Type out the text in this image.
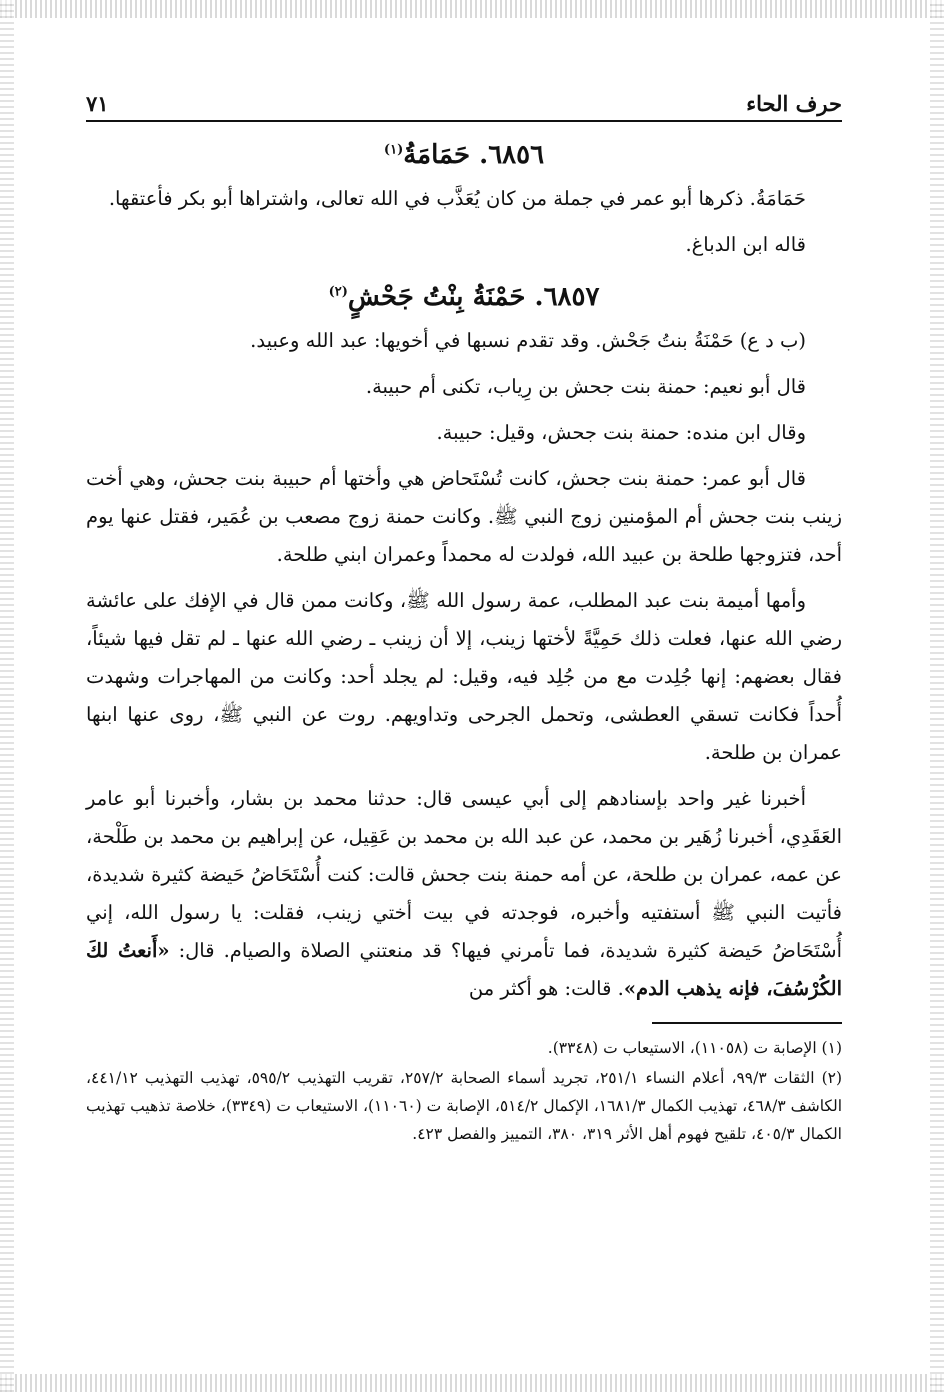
حرف الحاء
٧١
٦٨٥٦. حَمَامَةُ$^{(١)}$

حَمَامَةُ. ذكرها أبو عمر في جملة من كان يُعَذَّب في الله تعالى، واشتراها أبو بكر فأعتقها.

قاله ابن الدباغ.

٦٨٥٧. حَمْنَةُ بِنْتُ جَحْشٍ$^{(٢)}$

(ب د ع) حَمْنَةُ بنتُ جَحْش. وقد تقدم نسبها في أخويها: عبد الله وعبيد.

قال أبو نعيم: حمنة بنت جحش بن رِياب، تكنى أم حبيبة.

وقال ابن منده: حمنة بنت جحش، وقيل: حبيبة.

قال أبو عمر: حمنة بنت جحش، كانت تُسْتَحاض هي وأختها أم حبيبة بنت جحش، وهي أخت زينب بنت جحش أم المؤمنين زوج النبي ﷺ. وكانت حمنة زوج مصعب بن عُمَير، فقتل عنها يوم أحد، فتزوجها طلحة بن عبيد الله، فولدت له محمداً وعمران ابني طلحة.

وأمها أميمة بنت عبد المطلب، عمة رسول الله ﷺ، وكانت ممن قال في الإفك على عائشة رضي الله عنها، فعلت ذلك حَمِيَّةً لأختها زينب، إلا أن زينب ـ رضي الله عنها ـ لم تقل فيها شيئاً، فقال بعضهم: إنها جُلِدت مع من جُلِد فيه، وقيل: لم يجلد أحد: وكانت من المهاجرات وشهدت أُحداً فكانت تسقي العطشى، وتحمل الجرحى وتداويهم. روت عن النبي ﷺ، روى عنها ابنها عمران بن طلحة.

أخبرنا غير واحد بإسنادهم إلى أبي عيسى قال: حدثنا محمد بن بشار، وأخبرنا أبو عامر العَقَدِي، أخبرنا زُهَير بن محمد، عن عبد الله بن محمد بن عَقِيل، عن إبراهيم بن محمد بن طَلْحة، عن عمه، عمران بن طلحة، عن أمه حمنة بنت جحش قالت: كنت أُسْتَحَاضُ حَيضة كثيرة شديدة، فأتيت النبي ﷺ أستفتيه وأخبره، فوجدته في بيت أختي زينب، فقلت: يا رسول الله، إني أُسْتَحَاضُ حَيضة كثيرة شديدة، فما تأمرني فيها؟ قد منعتني الصلاة والصيام. قال: «أَنعتُ لكَ الكُرْسُفَ، فإنه يذهب الدم». قالت: هو أكثر من

(١) الإصابة ت (١١٠٥٨)، الاستيعاب ت (٣٣٤٨).

(٢) الثقات ٩٩/٣، أعلام النساء ٢٥١/١، تجريد أسماء الصحابة ٢٥٧/٢، تقريب التهذيب ٥٩٥/٢، تهذيب التهذيب ٤٤١/١٢، الكاشف ٤٦٨/٣، تهذيب الكمال ١٦٨١/٣، الإكمال ٥١٤/٢، الإصابة ت (١١٠٦٠)، الاستيعاب ت (٣٣٤٩)، خلاصة تذهيب تهذيب الكمال ٤٠٥/٣، تلقيح فهوم أهل الأثر ٣١٩، ٣٨٠، التمييز والفصل ٤٢٣.
